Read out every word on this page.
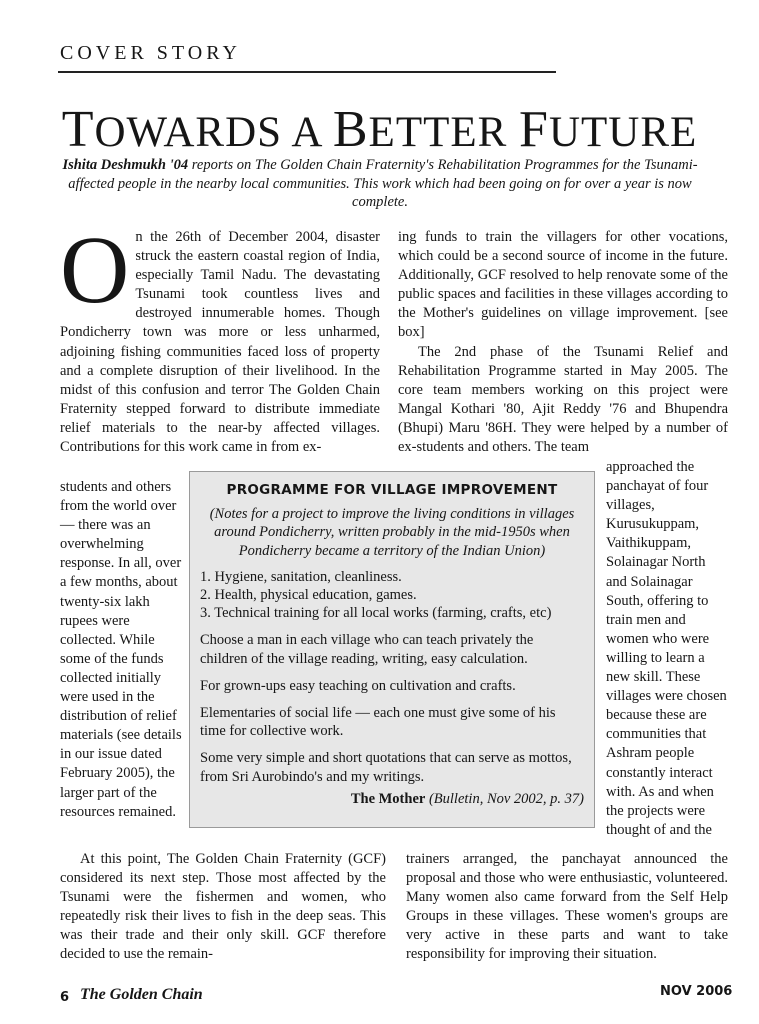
COVER STORY
TOWARDS A BETTER FUTURE
Ishita Deshmukh '04 reports on The Golden Chain Fraternity's Rehabilitation Programmes for the Tsunami-affected people in the nearby local communities. This work which had been going on for over a year is now complete.

On the 26th of December 2004, disaster struck the eastern coastal region of India, especially Tamil Nadu. The devastating Tsunami took countless lives and destroyed innumerable homes. Though Pondicherry town was more or less unharmed, adjoining fishing communities faced loss of property and a complete disruption of their livelihood. In the midst of this confusion and terror The Golden Chain Fraternity stepped forward to distribute immediate relief materials to the near-by affected villages. Contributions for this work came in from ex-

students and others from the world over — there was an overwhelming response. In all, over a few months, about twenty-six lakh rupees were collected. While some of the funds collected initially were used in the distribution of relief materials (see details in our issue dated February 2005), the larger part of the resources remained.

At this point, The Golden Chain Fraternity (GCF) considered its next step. Those most affected by the Tsunami were the fishermen and women, who repeatedly risk their lives to fish in the deep seas. This was their trade and their only skill. GCF therefore decided to use the remain-

ing funds to train the villagers for other vocations, which could be a second source of income in the future. Additionally, GCF resolved to help renovate some of the public spaces and facilities in these villages according to the Mother's guidelines on village improvement. [see box]

The 2nd phase of the Tsunami Relief and Rehabilitation Programme started in May 2005. The core team members working on this project were Mangal Kothari '80, Ajit Reddy '76 and Bhupendra (Bhupi) Maru '86H. They were helped by a number of ex-students and others. The team

approached the panchayat of four villages, Kurusukuppam, Vaithikuppam, Solainagar North and Solainagar South, offering to train men and women who were willing to learn a new skill. These villages were chosen because these are communities that Ashram people constantly interact with. As and when the projects were thought of and the

trainers arranged, the panchayat announced the proposal and those who were enthusiastic, volunteered. Many women also came forward from the Self Help Groups in these villages. These women's groups are very active in these parts and want to take responsibility for improving their situation.

PROGRAMME FOR VILLAGE IMPROVEMENT
(Notes for a project to improve the living conditions in villages around Pondicherry, written probably in the mid-1950s when Pondicherry became a territory of the Indian Union)
1. Hygiene, sanitation, cleanliness.
2. Health, physical education, games.
3. Technical training for all local works (farming, crafts, etc)

Choose a man in each village who can teach privately the children of the village reading, writing, easy calculation.

For grown-ups easy teaching on cultivation and crafts.

Elementaries of social life — each one must give some of his time for collective work.

Some very simple and short quotations that can serve as mottos, from Sri Aurobindo's and my writings.

The Mother (Bulletin, Nov 2002, p. 37)
6 The Golden Chain	NOV 2006
